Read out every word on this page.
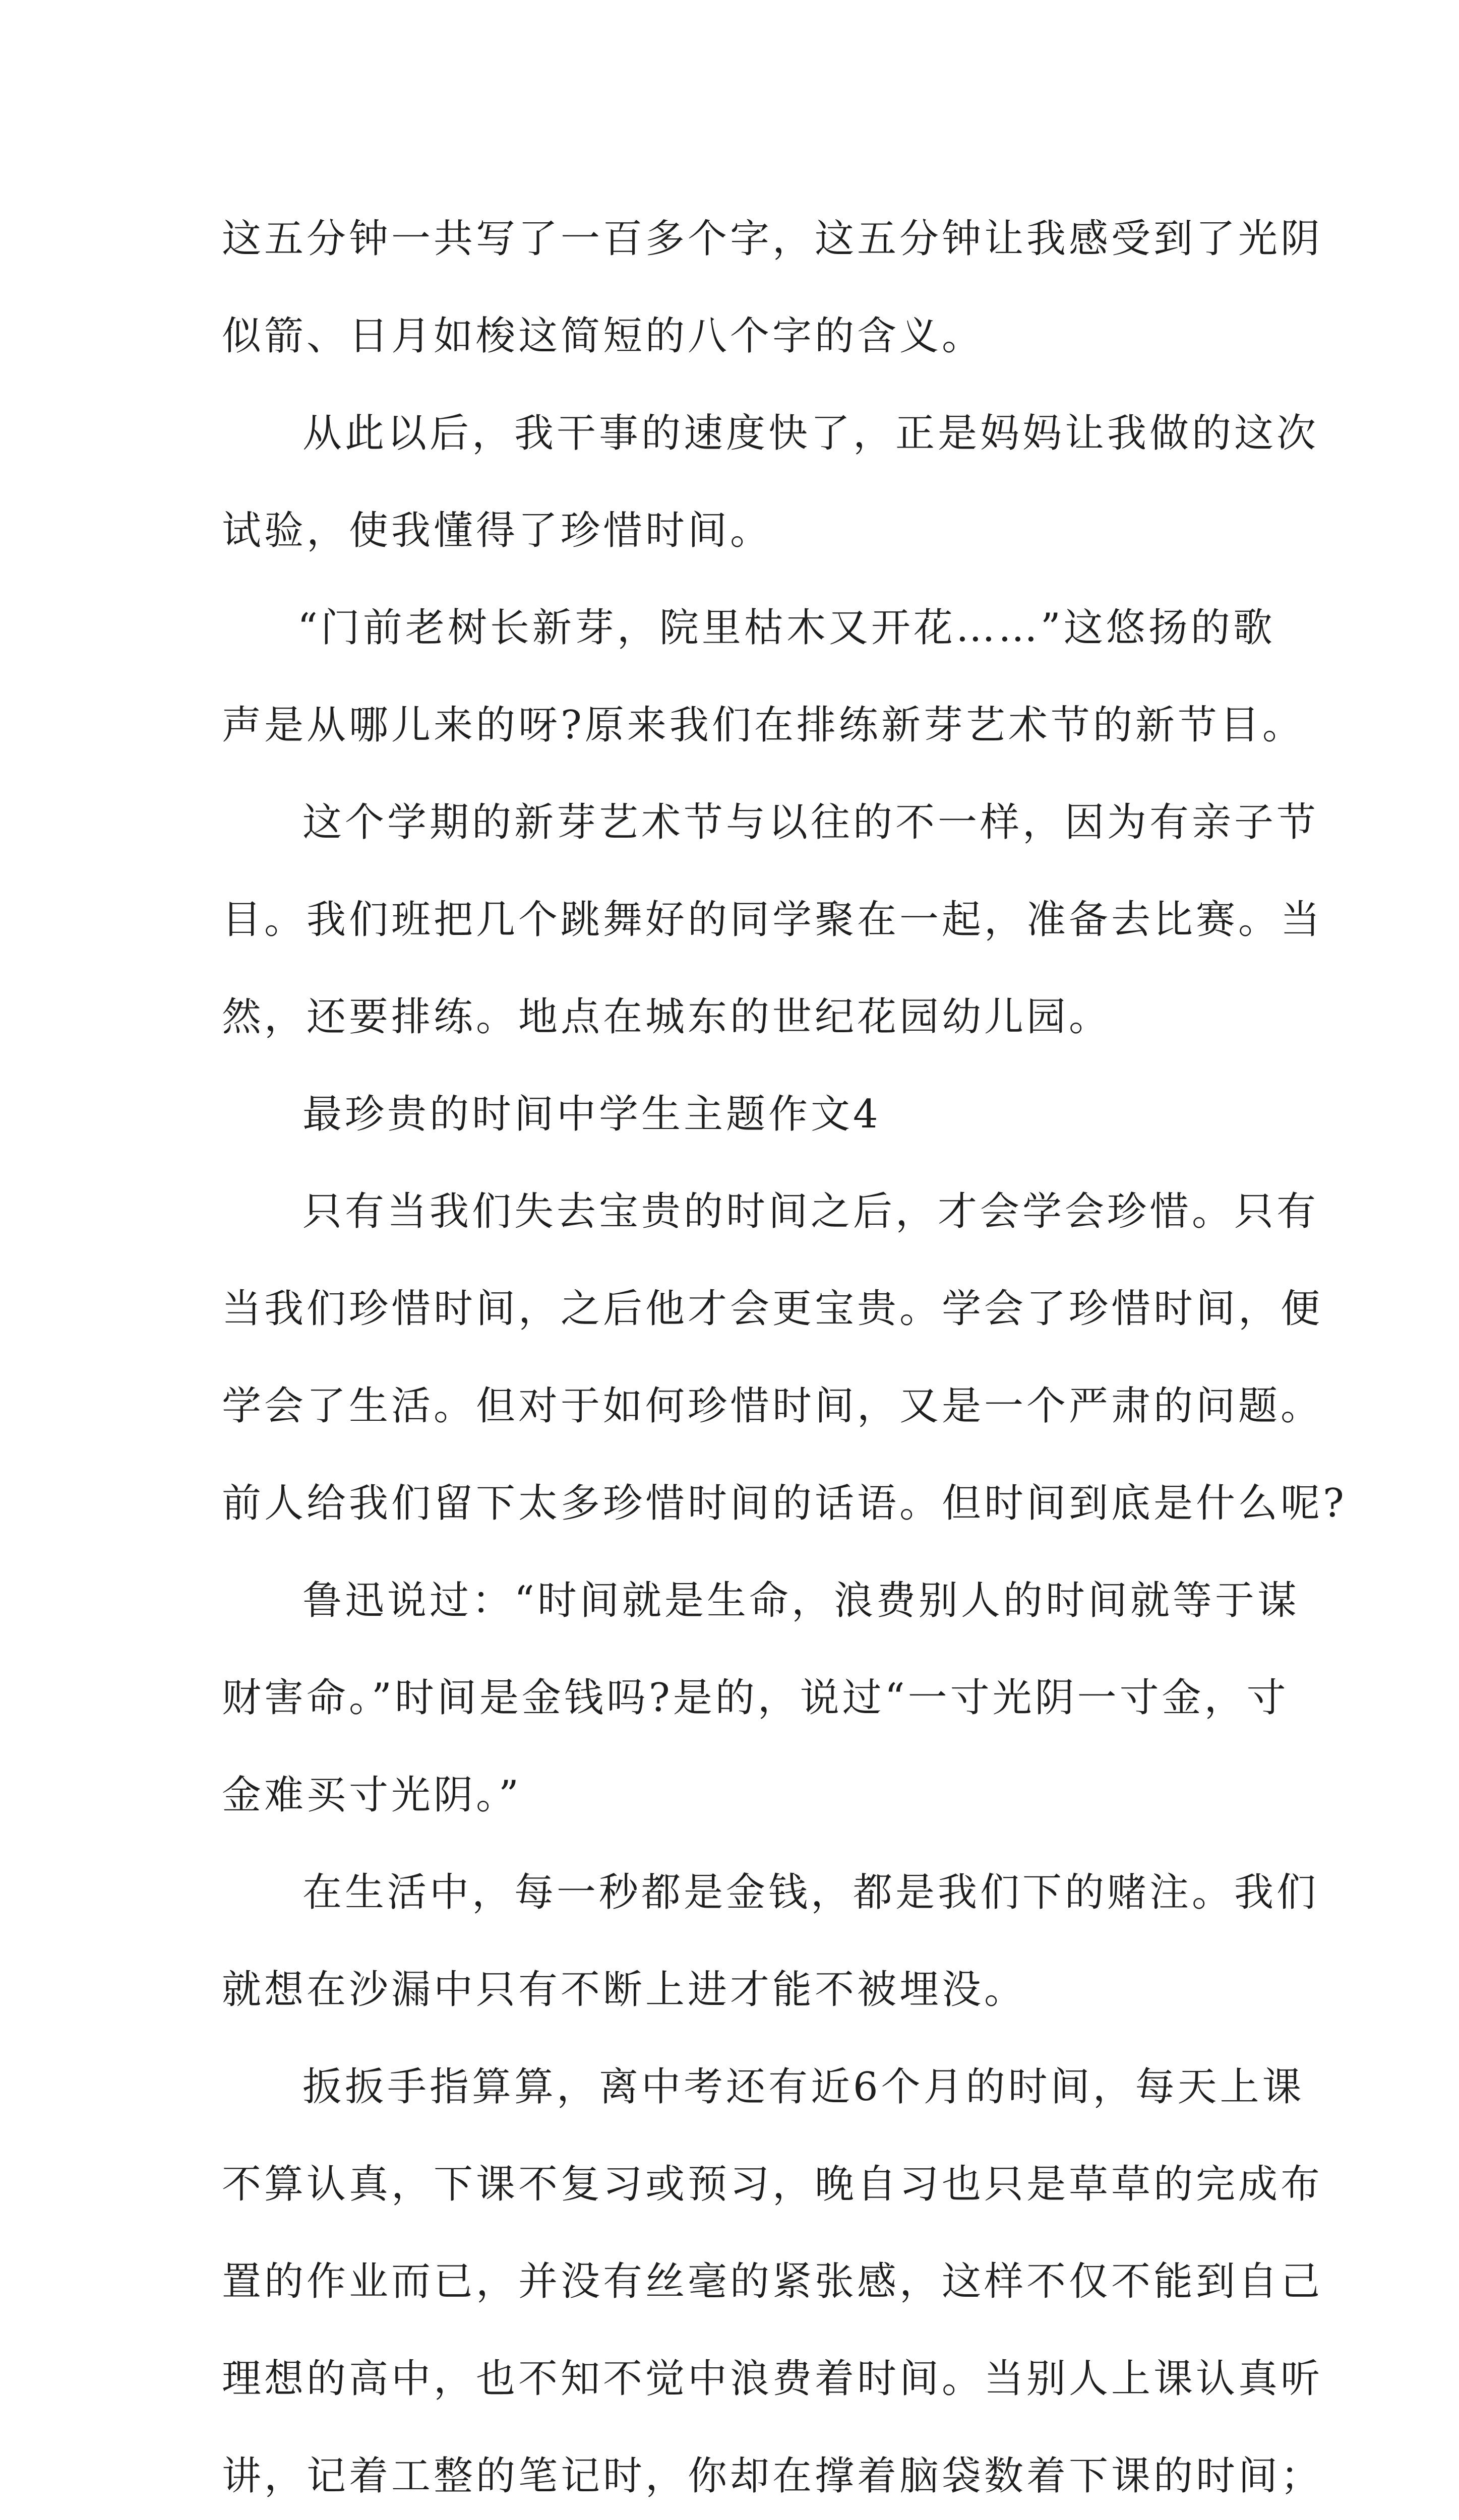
这五分钟一共写了一百多个字，这五分钟让我感受到了光阴
似箭、日月如梭这简短的八个字的含义。
从此以后，我干事的速度快了，正是妈妈让我做的这次
试验，使我懂得了珍惜时间。
“门前老树长新芽，院里枯木又开花……”这悠扬的歌
声是从哪儿来的呀?原来我们在排练新芽艺术节的新节目。
这个学期的新芽艺术节与以往的不一样，因为有亲子节
目。我们班把几个跳舞好的同学聚在一起，准备去比赛。当
然，还要排练。地点在城东的世纪花园幼儿园。
最珍贵的时间中学生主题作文4
只有当我们失去宝贵的时间之后，才会学会珍惜。只有
当我们珍惜时间，之后他才会更宝贵。学会了珍惜时间，便
学会了生活。但对于如何珍惜时间，又是一个严肃的问题。
前人给我们留下太多珍惜时间的话语。但时间到底是什么呢?
鲁迅说过：“时间就是生命，浪费别人的时间就等于谋
财害命。”时间是金钱吗?是的，说过“一寸光阴一寸金，寸
金难买寸光阴。”
在生活中，每一秒都是金钱，都是我们下的赌注。我们
就想在沙漏中只有不断上进才能不被埋没。
扳扳手指算算，离中考还有近6个月的时间，每天上课
不算认真，下课不复习或预习，晚自习也只是草草的完成布
置的作业而已，并没有丝毫的紧张感，这样不仅不能到自己
理想的高中，也不知不觉中浪费着时间。当别人上课认真听
讲，记着工整的笔记时，你却在撑着脑袋数着下课的时间；
